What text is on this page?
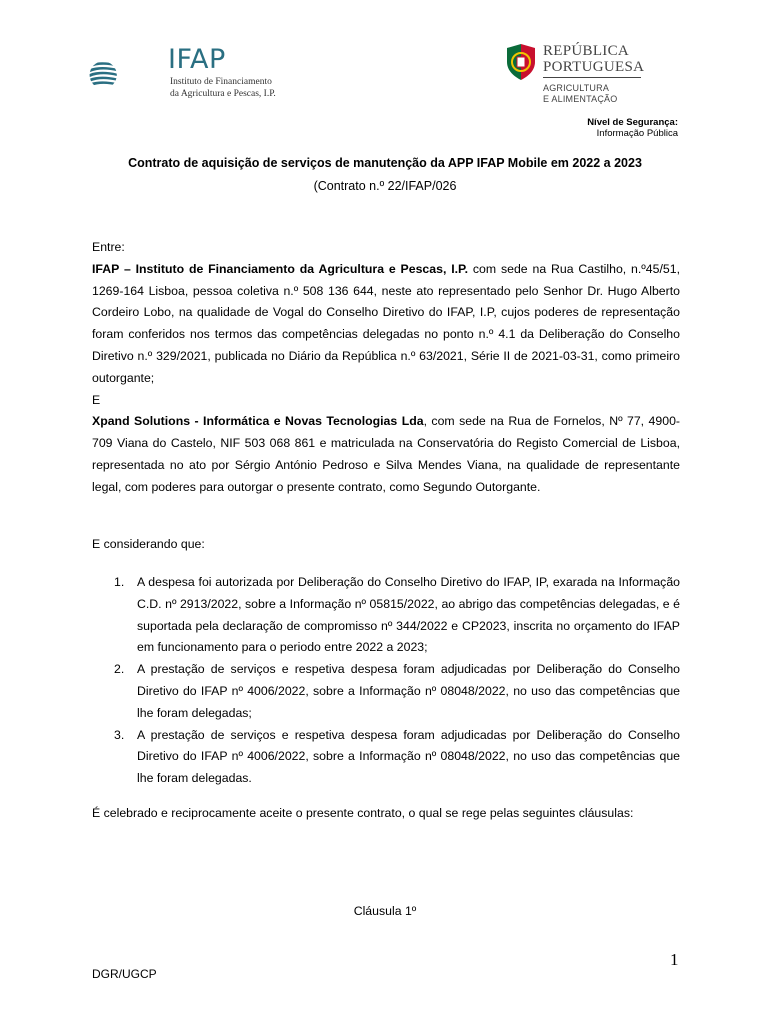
IFAP
Instituto de Financiamento
da Agricultura e Pescas, I.P.
REPÚBLICA
PORTUGUESA
AGRICULTURA
E ALIMENTAÇÃO
Nível de Segurança:
Informação Pública
Contrato de aquisição de serviços de manutenção da APP IFAP Mobile em 2022 a 2023
(Contrato n.º 22/IFAP/026

Entre:

IFAP – Instituto de Financiamento da Agricultura e Pescas, I.P. com sede na Rua Castilho, n.º45/51, 1269-164 Lisboa, pessoa coletiva n.º 508 136 644, neste ato representado pelo Senhor Dr. Hugo Alberto Cordeiro Lobo, na qualidade de Vogal do Conselho Diretivo do IFAP, I.P, cujos poderes de representação foram conferidos nos termos das competências delegadas no ponto n.º 4.1 da Deliberação do Conselho Diretivo n.º 329/2021, publicada no Diário da República n.º 63/2021, Série II de 2021-03-31, como primeiro outorgante;

E

Xpand Solutions - Informática e Novas Tecnologias Lda, com sede na Rua de Fornelos, Nº 77, 4900-709 Viana do Castelo, NIF 503 068 861 e matriculada na Conservatória do Registo Comercial de Lisboa, representada no ato por Sérgio António Pedroso e Silva Mendes Viana, na qualidade de representante legal, com poderes para outorgar o presente contrato, como Segundo Outorgante.

E considerando que:
1. A despesa foi autorizada por Deliberação do Conselho Diretivo do IFAP, IP, exarada na Informação C.D. nº 2913/2022, sobre a Informação nº 05815/2022, ao abrigo das competências delegadas, e é suportada pela declaração de compromisso nº 344/2022 e CP2023, inscrita no orçamento do IFAP em funcionamento para o periodo entre 2022 a 2023;
2. A prestação de serviços e respetiva despesa foram adjudicadas por Deliberação do Conselho Diretivo do IFAP nº 4006/2022, sobre a Informação nº 08048/2022, no uso das competências que lhe foram delegadas;
3. A prestação de serviços e respetiva despesa foram adjudicadas por Deliberação do Conselho Diretivo do IFAP nº 4006/2022, sobre a Informação nº 08048/2022, no uso das competências que lhe foram delegadas.
É celebrado e reciprocamente aceite o presente contrato, o qual se rege pelas seguintes cláusulas:
Cláusula 1º
1
DGR/UGCP
